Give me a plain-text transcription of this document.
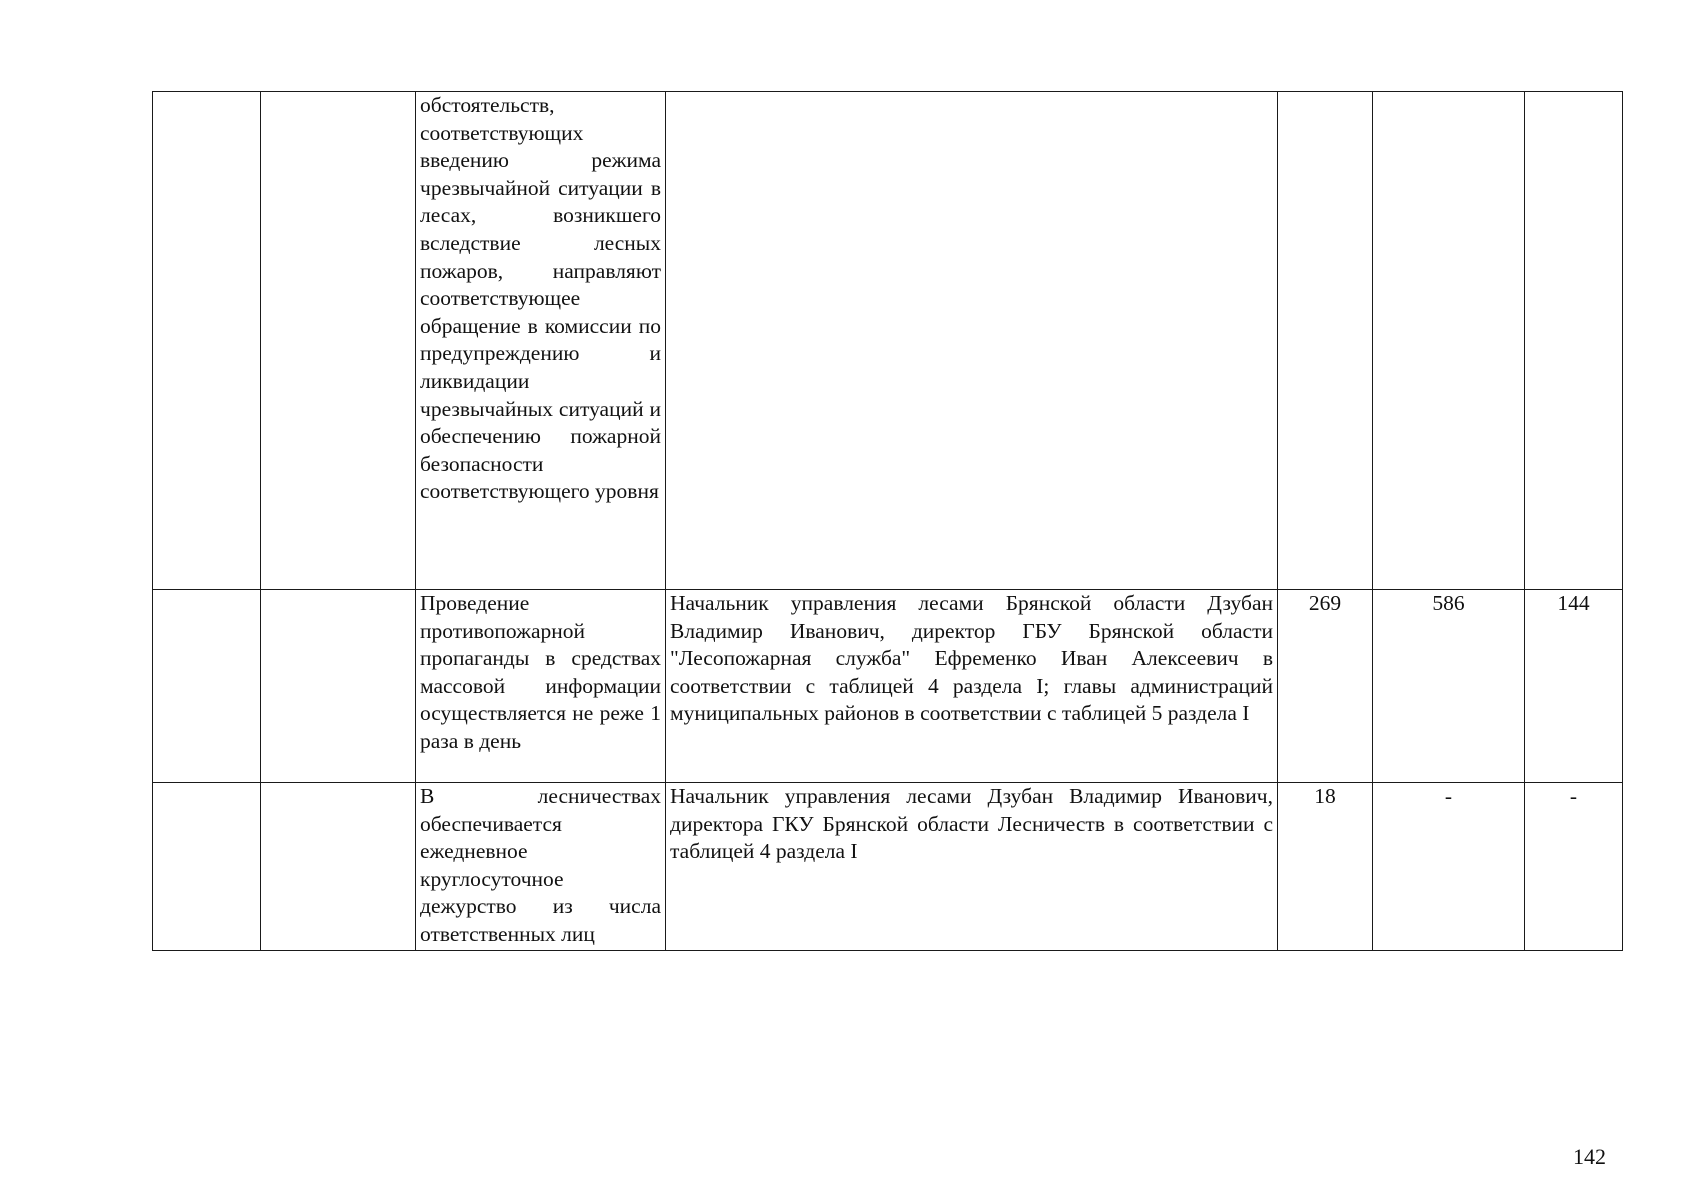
		обстоятельств, соответствующих введению режима чрезвычайной ситуации в лесах, возникшего вследствие лесных пожаров, направляют соответствующее обращение в комиссии по предупреждению и ликвидации чрезвычайных ситуаций и обеспечению пожарной безопасности соответствующего уровня				
		Проведение противопожарной пропаганды в средствах массовой информации осуществляется не реже 1 раза в день	Начальник управления лесами Брянской области Дзубан Владимир Иванович, директор ГБУ Брянской области "Лесопожарная служба" Ефременко Иван Алексеевич в соответствии с таблицей 4 раздела I; главы администраций муниципальных районов в соответствии с таблицей 5 раздела I	269	586	144
		В лесничествах обеспечивается ежедневное круглосуточное дежурство из числа ответственных лиц	Начальник управления лесами Дзубан Владимир Иванович, директора ГКУ Брянской области Лесничеств в соответствии с таблицей 4 раздела I	18	-	-
142
